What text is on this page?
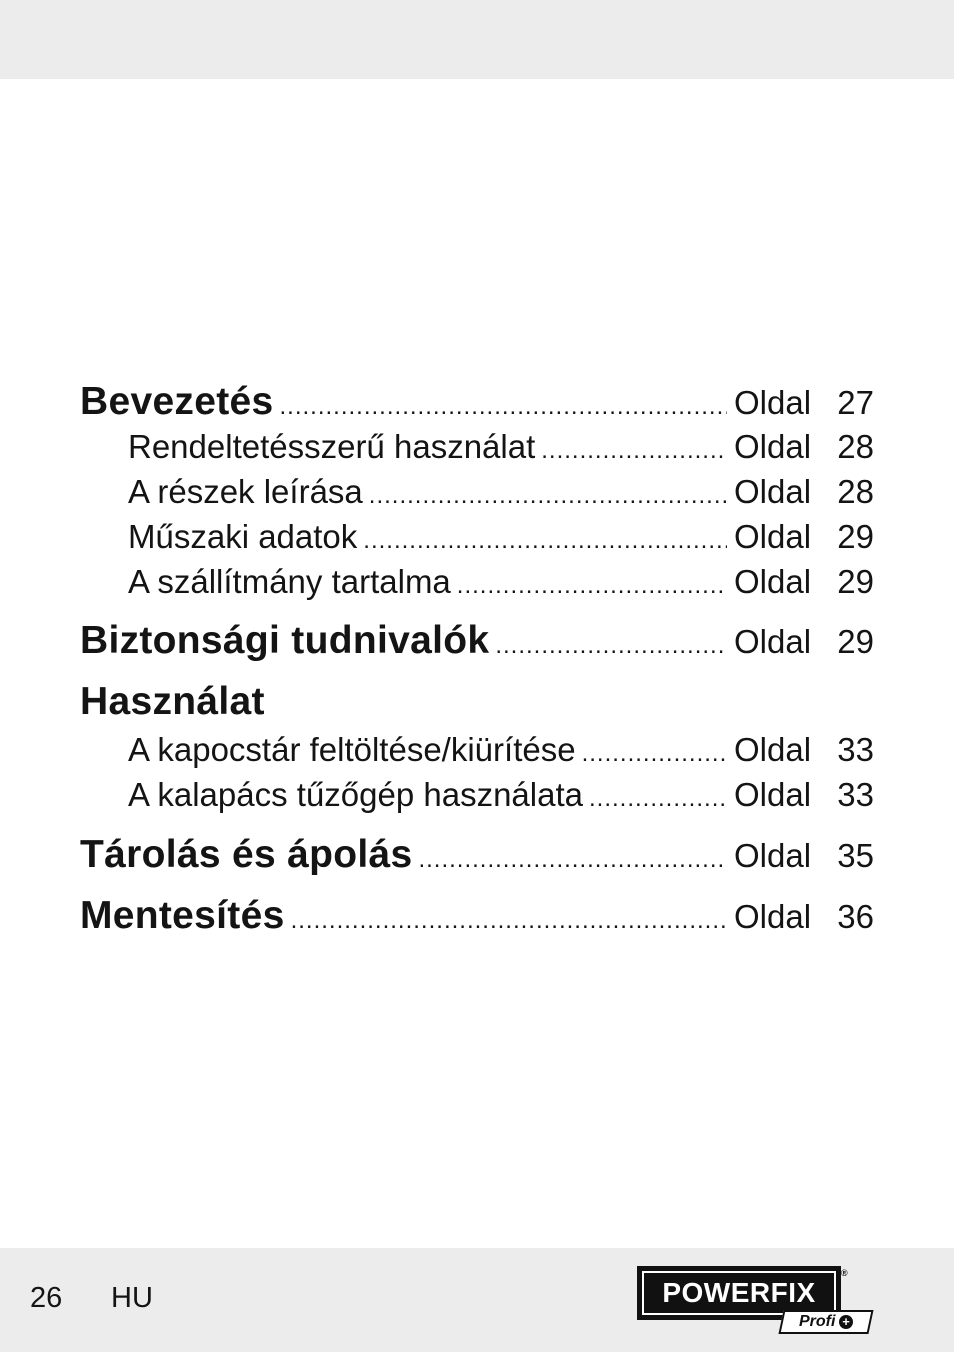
Bevezetés .....	Oldal 27
Rendeltetésszerű használat .....	Oldal 28
A részek leírása .....	Oldal 28
Műszaki adatok .....	Oldal 29
A szállítmány tartalma .....	Oldal 29
Biztonsági tudnivalók .....	Oldal 29
Használat
A kapocstár feltöltése/kiürítése .....	Oldal 33
A kalapács tűzőgép használata .....	Oldal 33
Tárolás és ápolás .....	Oldal 35
Mentesítés .....	Oldal 36
26 HU	POWERFIX
®
Profi +
